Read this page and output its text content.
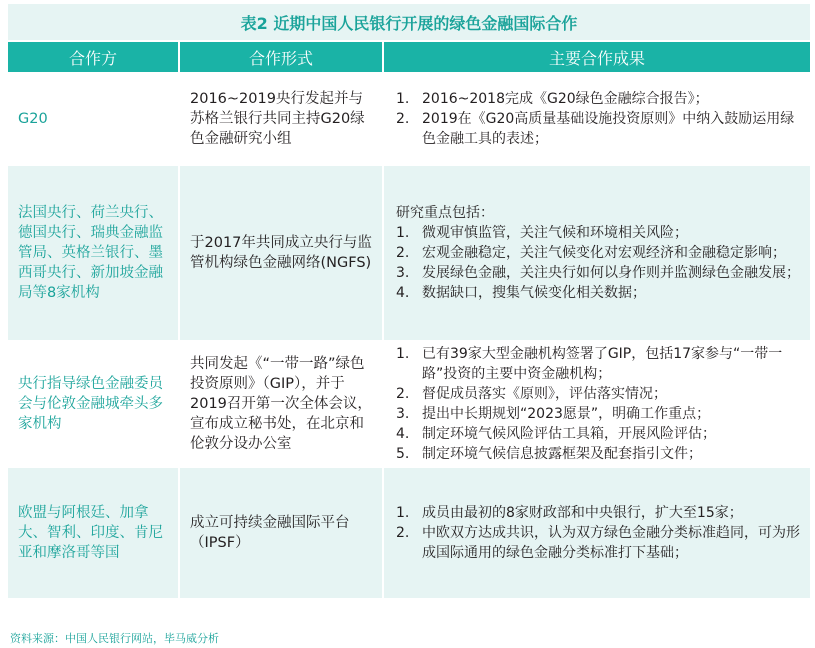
表2 近期中国人民银行开展的绿色金融国际合作
合作方	合作形式	主要合作成果
G20
2016~2019央行发起并与苏格兰银行共同主持G20绿色金融研究小组
1. 2016~2018完成《G20绿色金融综合报告》；
2. 2019在《G20高质量基础设施投资原则》中纳入鼓励运用绿色金融工具的表述；
法国央行、荷兰央行、德国央行、瑞典金融监管局、英格兰银行、墨西哥央行、新加坡金融局等8家机构
于2017年共同成立央行与监管机构绿色金融网络(NGFS)
研究重点包括：
1. 微观审慎监管，关注气候和环境相关风险；
2. 宏观金融稳定，关注气候变化对宏观经济和金融稳定影响；
3. 发展绿色金融，关注央行如何以身作则并监测绿色金融发展；
4. 数据缺口，搜集气候变化相关数据；
央行指导绿色金融委员会与伦敦金融城牵头多家机构
共同发起《“一带一路”绿色投资原则》（GIP），并于2019召开第一次全体会议，宣布成立秘书处，在北京和伦敦分设办公室
1. 已有39家大型金融机构签署了GIP，包括17家参与“一带一路”投资的主要中资金融机构；
2. 督促成员落实《原则》，评估落实情况；
3. 提出中长期规划“2023愿景”，明确工作重点；
4. 制定环境气候风险评估工具箱，开展风险评估；
5. 制定环境气候信息披露框架及配套指引文件；
欧盟与阿根廷、加拿大、智利、印度、肯尼亚和摩洛哥等国
成立可持续金融国际平台（IPSF）
1. 成员由最初的8家财政部和中央银行，扩大至15家；
2. 中欧双方达成共识，认为双方绿色金融分类标准趋同，可为形成国际通用的绿色金融分类标准打下基础；
资料来源：中国人民银行网站，毕马威分析
